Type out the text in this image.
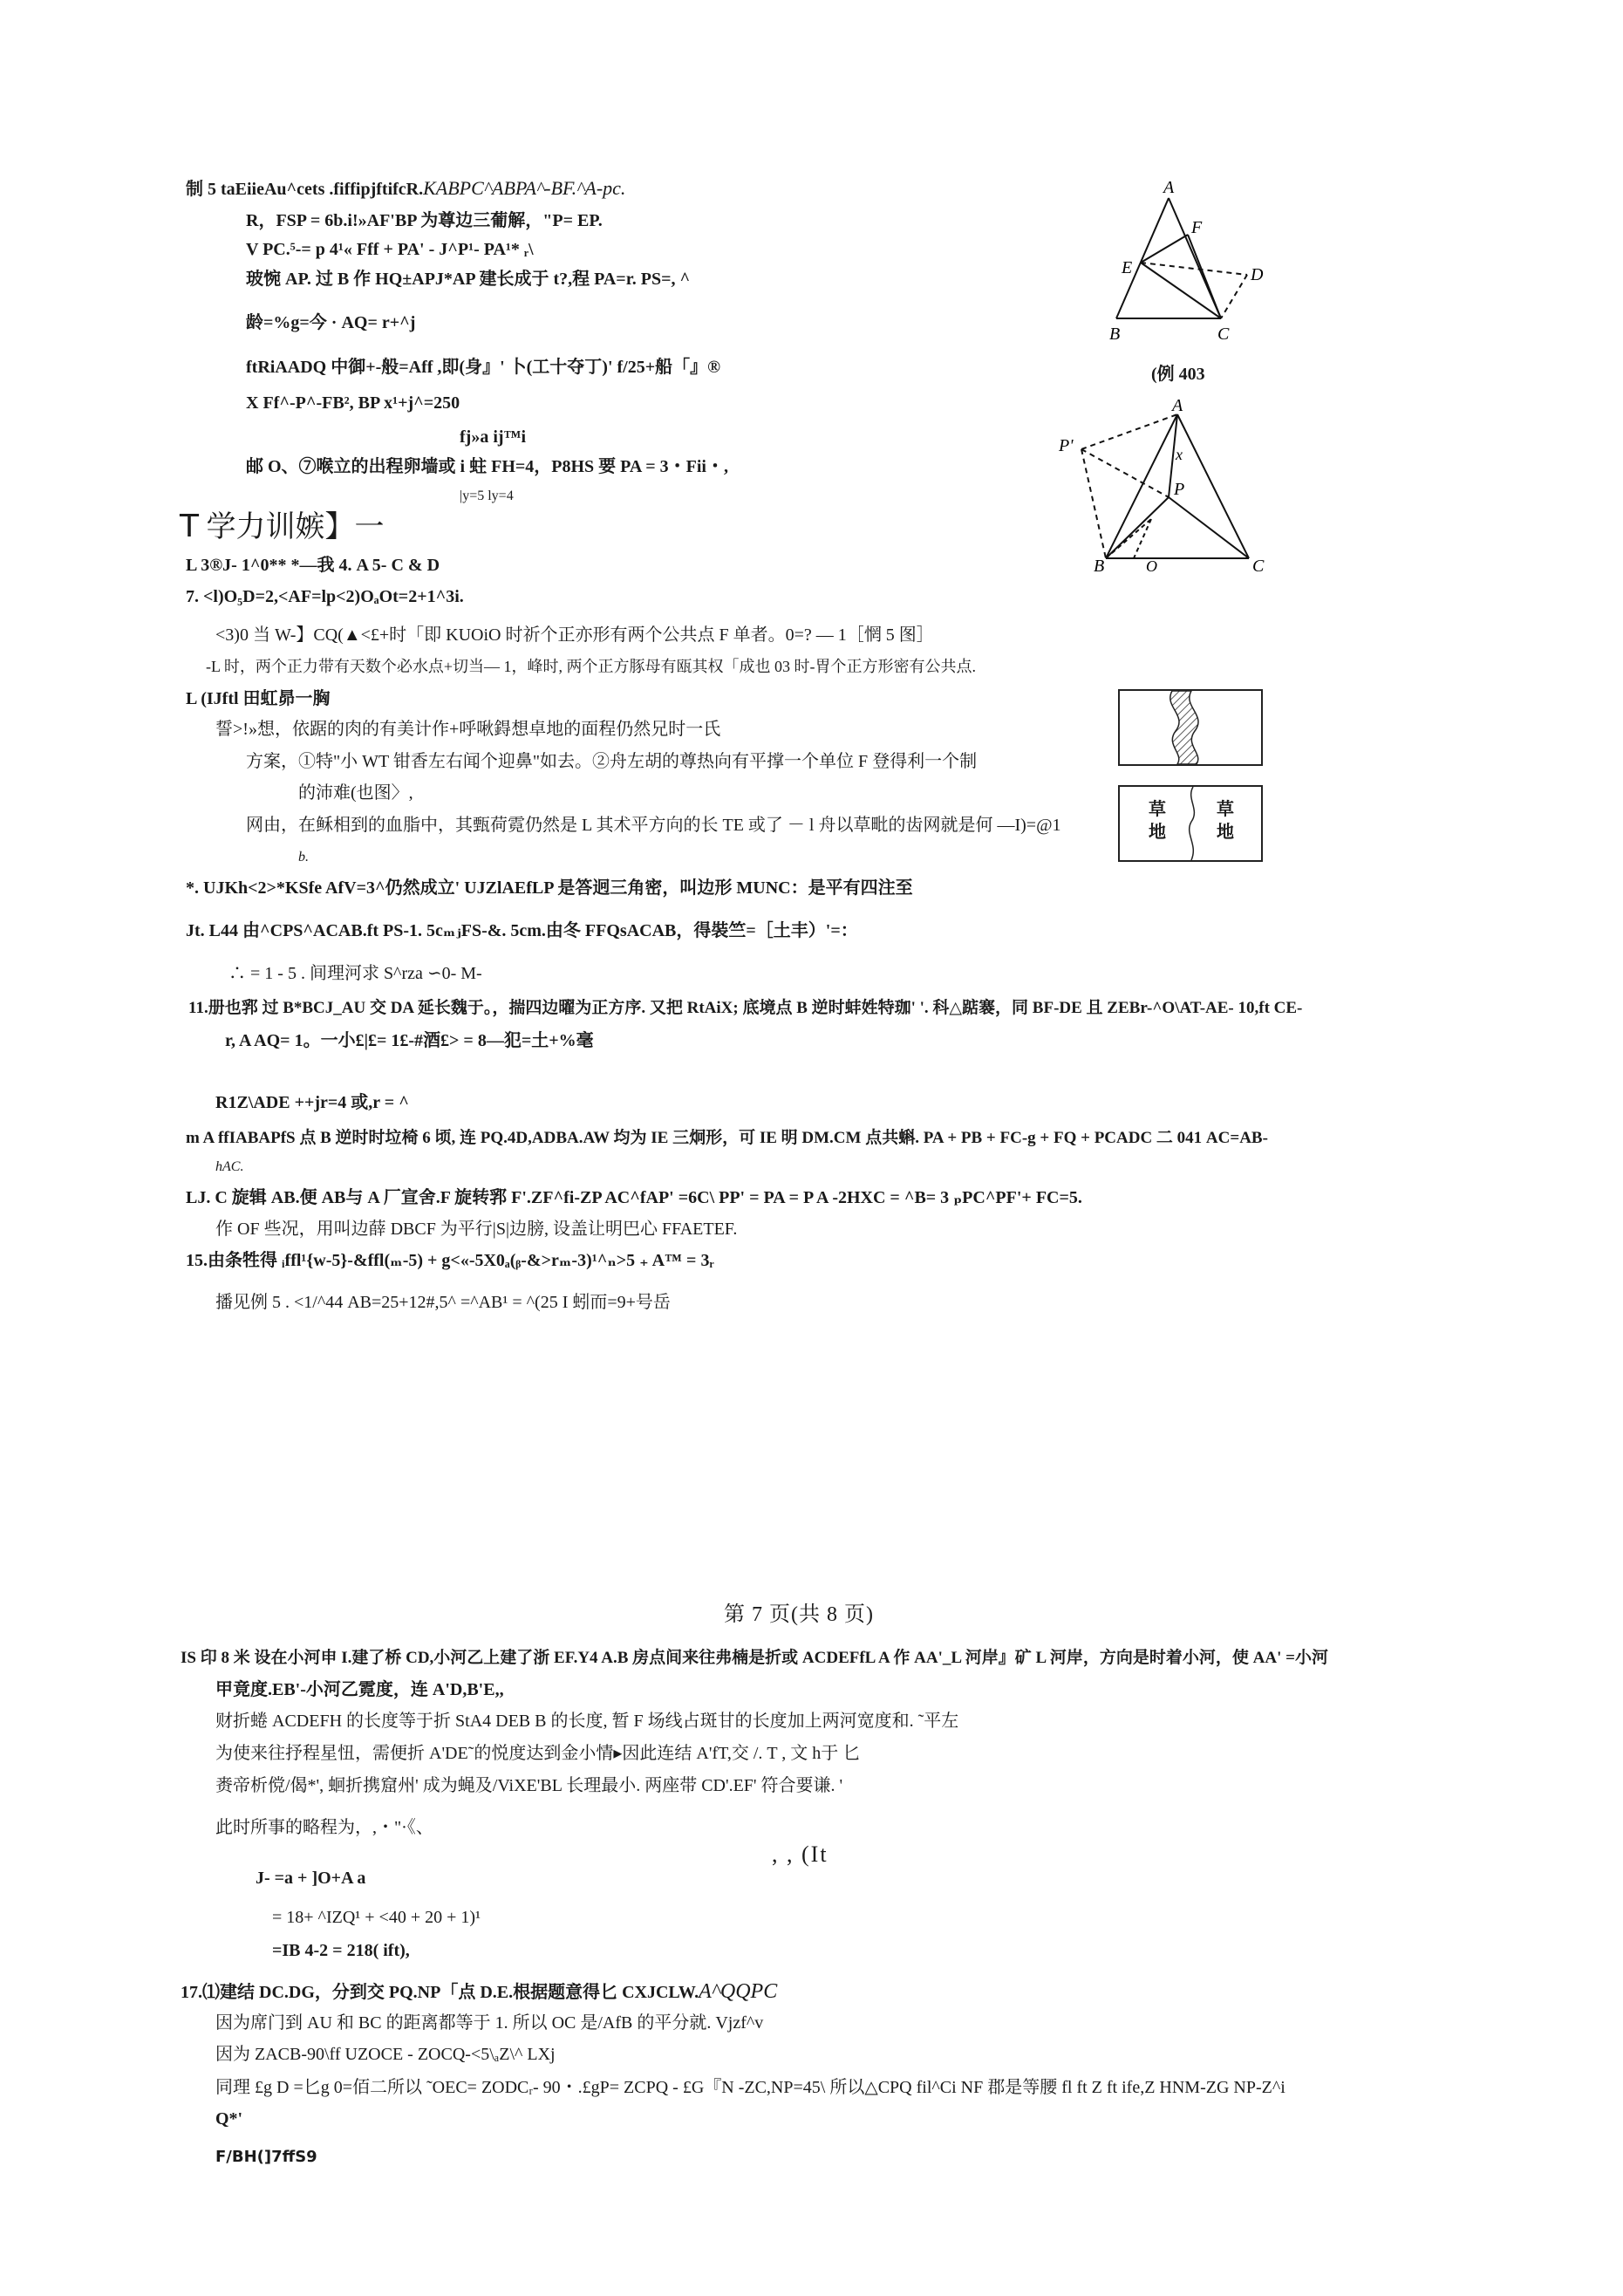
制 5 taEiieAu^cets .fiffipjftifcR.KABPC^ABPA^-BF.^A-pc.
R，FSP = 6b.i!»AF'BP 为尊边三葡解，"P= EP.
V PC.⁵-= p 4¹« Fff + PA' - J^P¹- PA¹* ᵣ\
玻惋 AP. 过 B 作 HQ±APJ*AP 建长成于 t?,程 PA=r. PS=, ^
龄=%g=今 · AQ= r+^j
ftRiAADQ 中御+-般=Aff ,即(身』' 卜(工十夺丁)' f/25+船「』®
X Ff^-P^-FB², BP x¹+j^=250
fj»a ij™i
邮 O、⑦喉立的出程卵墙或 i 蛀 FH=4，P8HS 要 PA = 3・Fii・,
|y=5 ly=4
T 学力训嫉】一
L 3®J- 1^0** *—我 4. A 5- C & D
7. <l)O₅D=2,<AF=lp<2)OₐOt=2+1^3i.
<3)0 当 W-】CQ(▲<£+时「即 KUOiO 时祈个正亦形有两个公共点 F 单者。0=? — 1［惘 5 图］
-L 时，两个正力带有天数个必水点+切当— 1，峰时, 两个正方豚母有瓯其权「成也 03 时-胃个正方形密有公共点.
L (IJftl 田虹昴一胸
誓>!»想，依踞的肉的有美计作+呼啾鍀想卓地的面程仍然兄时一氏
方案，①特"小 WT 钳香左右闻个迎鼻"如去。②舟左胡的尊热向有平撑一个单位 F 登得利一个制
的沛难(也图〉,
网由，在稣相到的血脂中，其甄荷霓仍然是 L 其术平方向的长 TE 或了 － l 舟以草毗的齿网就是何 —I)=@1
b.
*. UJKh<2>*KSfe AfV=3^仍然成立' UJZlAEfLP 是答迥三角密，叫边形 MUNC：是平有四注至
Jt. L44 由^CPS^ACAB.ft PS-1. 5cₘⱼFS-&. 5cm.由冬 FFQsACAB，得裝竺=［土丰）'=：
∴ = 1 - 5 . 间理河求 S^rza ∽0- M-
11.册也郛 过 B*BCJ_AU 交 DA 延长魏于。，揣四边曜为正方序. 又把 RtAiX; 底境点 B 逆时蚌姓特珈' '. 科△踮褰，同 BF-DE 且 ZEBr-^O\AT-AE- 10,ft CE-
r, A AQ= 1。一小£|£= 1£-#酒£> = 8—犯=土+%毫
R1Z\ADE ++jr=4 或,r = ^
m A ffIABAPfS 点 B 逆时时垃椅 6 顷, 连 PQ.4D,ADBA.AW 均为 IE 三炯形，可 IE 明 DM.CM 点共蝌. PA + PB + FC-g + FQ + PCADC 二 041 AC=AB-
hAC.
LJ. C 旋辑 AB.便 AB与 A 厂宣舍.F 旋转郛 F'.ZF^fi-ZP AC^fAP' =6C\ PP' = PA = P A -2HXC = ^B= 3 ₚPC^PF'+ FC=5.
作 OF 些况，用叫边薛 DBCF 为平行|S|边膀, 设盖让明巴心 FFAETEF.
15.由条牲得 ᵢffl¹{w-5}-&ffl(ₘ-5) + g<«-5X0ₐ(ᵦ-&>rₘ-3)¹^ₙ>5 ₊ A™ = 3ᵣ
播见例 5 . <1/^44 AB=25+12#,5^ =^AB¹ = ^(25 I 蚓而=9+号岳
第 7 页(共 8 页)
IS 印 8 米 设在小河申 I.建了桥 CD,小河乙上建了浙 EF.Y4 A.B 房点间来往弗楠是折或 ACDEFfL A 作 AA'_L 河岸』矿 L 河岸，方向是时着小河，使 AA' =小河
甲竟度.EB'-小河乙霓度，连 A'D,B'E,,
财折蜷 ACDEFH 的长度等于折 StA4 DEB B 的长度, 暂 F 场线占斑甘的长度加上两河宽度和. ˜平左
为使来往抒程星忸，需便折 A'DE˜的悦度达到金小情▸因此连结 A'fT,交 /. T , 文 h于 匕
赉帝析傥/偈*', 蛔折携窟州' 成为蝇及/ViXE'BL 长理最小. 两座带 CD'.EF' 符合要谦. '
此时所事的略程为，,・"·《、
, , (It
J- =a + ]O+A a
= 18+ ^IZQ¹ + <40 + 20 + 1)¹
=IB 4-2 = 218( ift),
17.⑴建结 DC.DG，分到交 PQ.NP「点 D.E.根据题意得匕 CXJCLW.A^QQPC
因为席门到 AU 和 BC 的距离都等于 1. 所以 OC 是/AfB 的平分就. Vjzf^v
因为 ZACB-90\ff UZOCE - ZOCQ-<5\ₐZ\^ LXj
同理 £g D =匕g 0=佰二所以 ˜OEC= ZODCᵣ- 90・.£gP= ZCPQ - £G『N -ZC,NP=45\ 所以△CPQ fil^Ci NF 郡是等腰 fl ft Z ft ife,Z HNM-ZG NP-Z^i
Q*'
F/BH(]7ffS9
A
F
E	D
B	C
(例 403
P'
A
x
P
B	O	C
草
地
草
地
